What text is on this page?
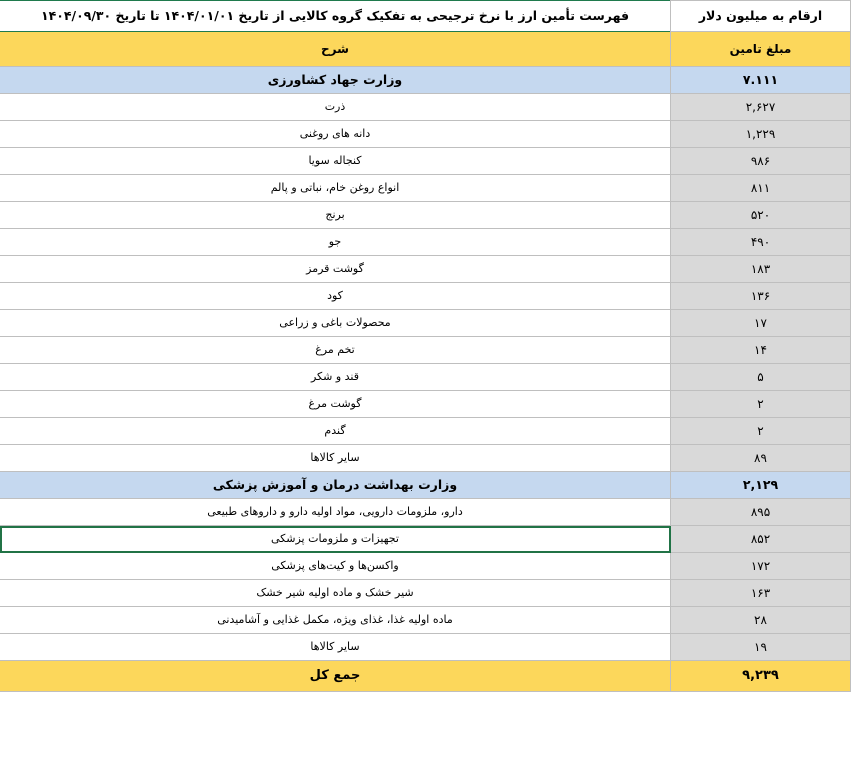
ارقام به میلیون دلار	فهرست تأمین ارز با نرخ ترجیحی به تفکیک گروه کالایی از تاریخ ۱۴۰۴/۰۱/۰۱ تا تاریخ ۱۴۰۴/۰۹/۳۰

مبلغ تامین	شرح

۷.۱۱۱	وزارت جهاد کشاورزی

۲,۶۲۷	ذرت

۱,۲۲۹	دانه های روغنی

۹۸۶	کنجاله سویا

۸۱۱	انواع روغن خام، نباتی و پالم

۵۲۰	برنج

۴۹۰	جو

۱۸۳	گوشت قرمز

۱۳۶	کود

۱۷	محصولات باغی و زراعی

۱۴	تخم مرغ

۵	قند و شکر

۲	گوشت مرغ

۲	گندم

۸۹	سایر کالاها

۲,۱۲۹	وزارت بهداشت درمان و آموزش پزشکی

۸۹۵	دارو، ملزومات دارویی، مواد اولیه دارو و داروهای طبیعی

۸۵۲	تجهیزات و ملزومات پزشکی

۱۷۲	واکسن‌ها و کیت‌های پزشکی

۱۶۳	شیر خشک و ماده اولیه شیر خشک

۲۸	ماده اولیه غذا، غذای ویژه، مکمل غذایی و آشامیدنی

۱۹	سایر کالاها

۹,۲۳۹	جمع کل
